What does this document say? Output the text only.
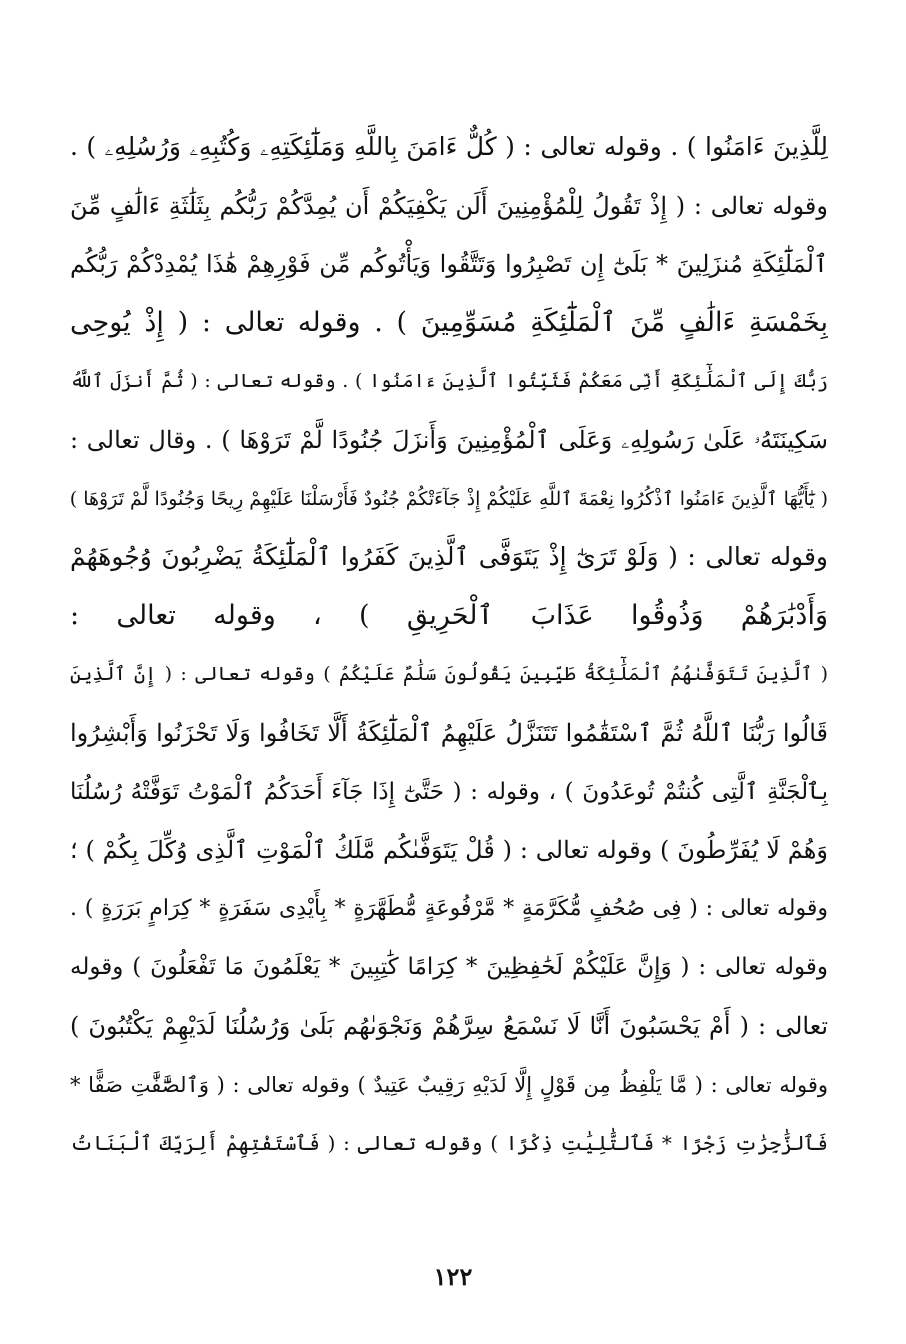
لِلَّذِينَ ءَامَنُوا ) . وقوله تعالى : ( كُلٌّ ءَامَنَ بِاللَّهِ وَمَلَٰٓئِكَتِهِۦ وَكُتُبِهِۦ وَرُسُلِهِۦ ) .
وقوله تعالى : ( إِذْ تَقُولُ لِلْمُؤْمِنِينَ أَلَن يَكْفِيَكُمْ أَن يُمِدَّكُمْ رَبُّكُم بِثَلَٰثَةِ ءَالَٰفٍ مِّنَ
ٱلْمَلَٰٓئِكَةِ مُنزَلِينَ * بَلَىٰٓ إِن تَصْبِرُوا وَتَتَّقُوا وَيَأْتُوكُم مِّن فَوْرِهِمْ هَٰذَا يُمْدِدْكُمْ رَبُّكُم
بِخَمْسَةِ ءَالَٰفٍ مِّنَ ٱلْمَلَٰٓئِكَةِ مُسَوِّمِينَ ) . وقوله تعالى : ( إِذْ يُوحِى
رَبُّكَ إِلَى ٱلْمَلَٰٓئِكَةِ أَنِّى مَعَكُمْ فَثَبِّتُوا ٱلَّذِينَ ءَامَنُوا ) . وقوله تعالى : ( ثُمَّ أَنزَلَ ٱللَّهُ
سَكِينَتَهُۥ عَلَىٰ رَسُولِهِۦ وَعَلَى ٱلْمُؤْمِنِينَ وَأَنزَلَ جُنُودًا لَّمْ تَرَوْهَا ) . وقال تعالى :
( يَٰٓأَيُّهَا ٱلَّذِينَ ءَامَنُوا ٱذْكُرُوا نِعْمَةَ ٱللَّهِ عَلَيْكُمْ إِذْ جَآءَتْكُمْ جُنُودٌ فَأَرْسَلْنَا عَلَيْهِمْ رِيحًا وَجُنُودًا لَّمْ تَرَوْهَا )
وقوله تعالى : ( وَلَوْ تَرَىٰٓ إِذْ يَتَوَفَّى ٱلَّذِينَ كَفَرُوا ٱلْمَلَٰٓئِكَةُ يَضْرِبُونَ وُجُوهَهُمْ
وَأَدْبَٰرَهُمْ وَذُوقُوا عَذَابَ ٱلْحَرِيقِ ) ، وقوله تعالى :
( ٱلَّذِينَ تَتَوَفَّىٰهُمُ ٱلْمَلَٰٓئِكَةُ طَيِّبِينَ يَقُولُونَ سَلَٰمٌ عَلَيْكُمُ ) وقوله تعالى : ( إِنَّ ٱلَّذِينَ
قَالُوا رَبُّنَا ٱللَّهُ ثُمَّ ٱسْتَقَٰمُوا تَتَنَزَّلُ عَلَيْهِمُ ٱلْمَلَٰٓئِكَةُ أَلَّا تَخَافُوا وَلَا تَحْزَنُوا وَأَبْشِرُوا
بِٱلْجَنَّةِ ٱلَّتِى كُنتُمْ تُوعَدُونَ ) ، وقوله : ( حَتَّىٰٓ إِذَا جَآءَ أَحَدَكُمُ ٱلْمَوْتُ تَوَفَّتْهُ رُسُلُنَا
وَهُمْ لَا يُفَرِّطُونَ ) وقوله تعالى : ( قُلْ يَتَوَفَّىٰكُم مَّلَكُ ٱلْمَوْتِ ٱلَّذِى وُكِّلَ بِكُمْ ) ؛
وقوله تعالى : ( فِى صُحُفٍ مُّكَرَّمَةٍ * مَّرْفُوعَةٍ مُّطَهَّرَةٍ * بِأَيْدِى سَفَرَةٍ * كِرَامٍ بَرَرَةٍ ) .
وقوله تعالى : ( وَإِنَّ عَلَيْكُمْ لَحَٰفِظِينَ * كِرَامًا كَٰتِبِينَ * يَعْلَمُونَ مَا تَفْعَلُونَ ) وقوله
تعالى : ( أَمْ يَحْسَبُونَ أَنَّا لَا نَسْمَعُ سِرَّهُمْ وَنَجْوَىٰهُم بَلَىٰ وَرُسُلُنَا لَدَيْهِمْ يَكْتُبُونَ )
وقوله تعالى : ( مَّا يَلْفِظُ مِن قَوْلٍ إِلَّا لَدَيْهِ رَقِيبٌ عَتِيدٌ ) وقوله تعالى : ( وَٱلصَّٰٓفَّٰتِ صَفًّا *
فَٱلزَّٰجِرَٰتِ زَجْرًا * فَٱلتَّٰلِيَٰتِ ذِكْرًا ) وقوله تعالى : ( فَٱسْتَفْتِهِمْ أَلِرَبِّكَ ٱلْبَنَاتُ
١٢٢
